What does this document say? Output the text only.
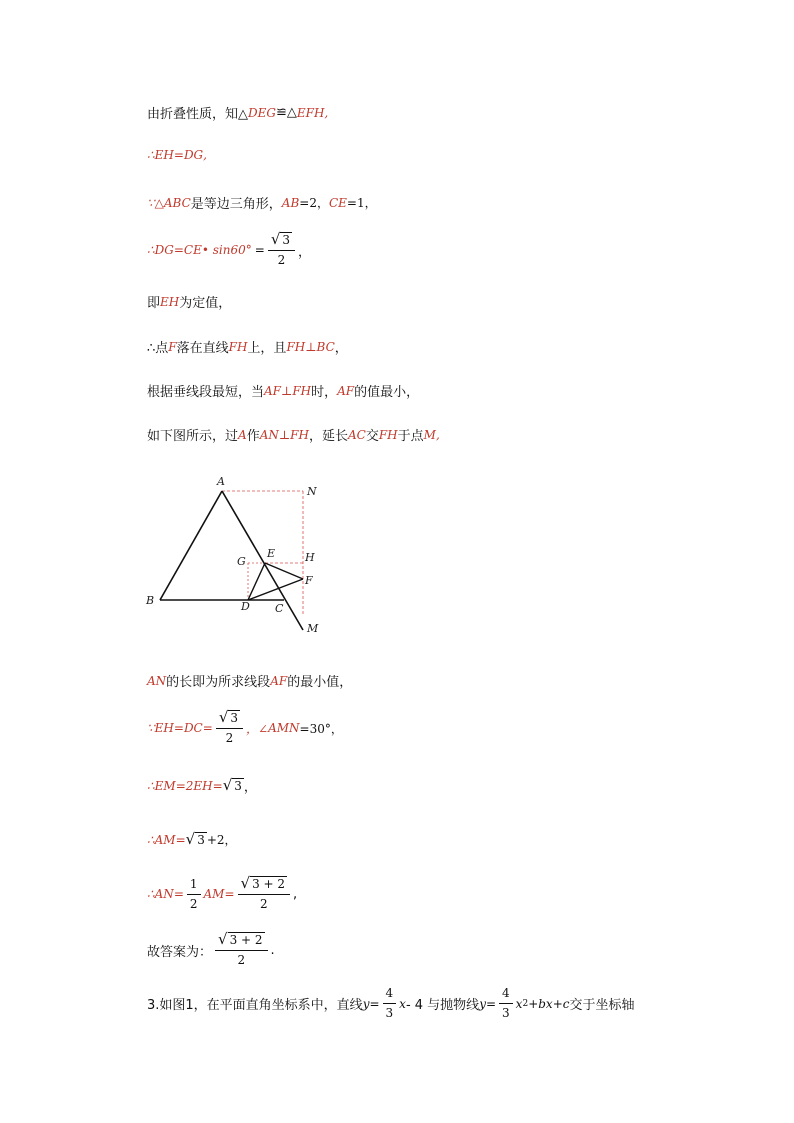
由折叠性质，知△ DEG ≌△ EFH ,
∴ EH = DG ,
∵△ ABC 是等边三角形， AB =2， CE =1，
∴ DG = CE • $\sin 60^\circ = \frac{√ 3}{2}$ ，
即 EH 为定值，
∴点 F 落在直线 FH 上，且 FH ⊥ BC ，
根据垂线段最短，当 AF ⊥ FH 时， AF 的值最小，
如下图所示，过 A 作 AN ⊥ FH ，延长 AC 交 FH 于点 M ,
A
B
C
D
E
F
G	H
M
N
AN 的长即为所求线段 AF 的最小值，
∵ EH = DC = $\frac{√ 3}{2}$ ，∠ AMN =30°，
∴ EM =2 EH = √ 3 ，
∴ AM = √ 3 +2，
∴ AN = $\frac{1}{2}$ AM = $\frac{√ 3 + 2}{2}$ ,
故答案为： $\frac{√ 3 + 2}{2}$ .
3.如图1，在平面直角坐标系中，直线 $y = \frac{4}{3}$ x - 4 与抛物线 $y = \frac{4}{3}$ x 2 + bx + c 交于坐标轴
